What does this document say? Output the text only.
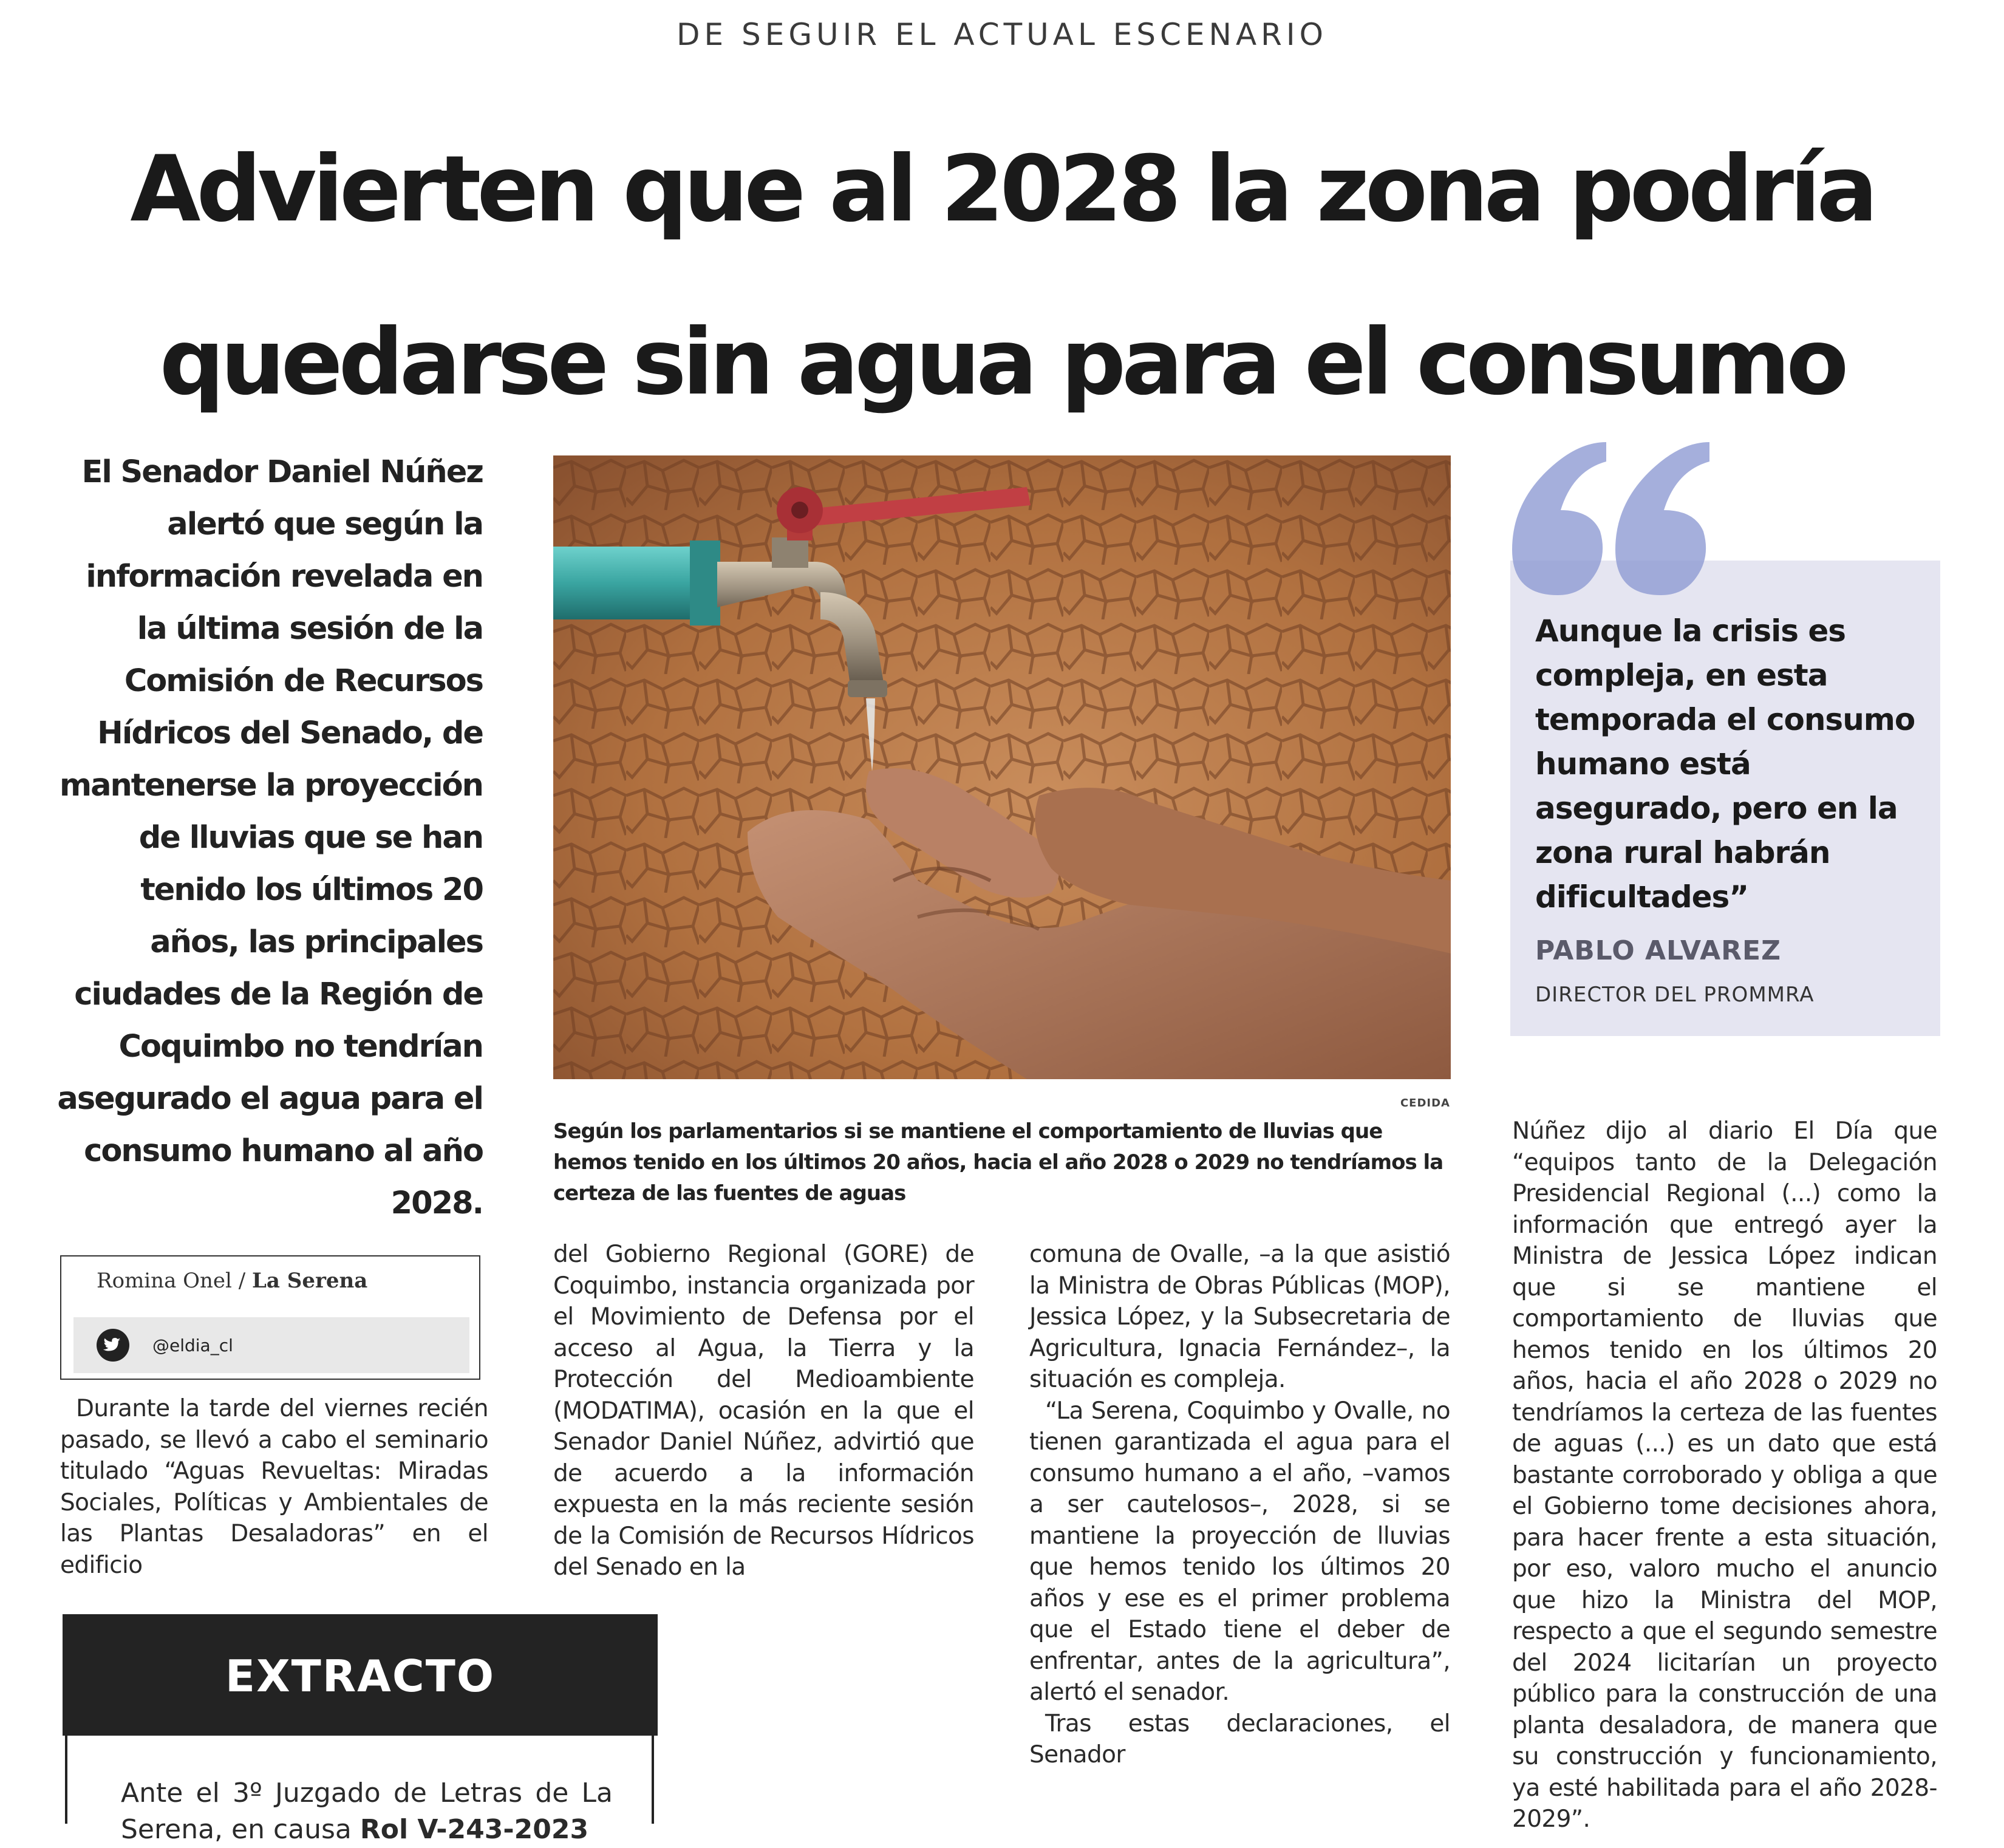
DE SEGUIR EL ACTUAL ESCENARIO
Advierten que al 2028 la zona podría
quedarse sin agua para el consumo
El Senador Daniel Núñez alertó que según la información revelada en la última sesión de la Comisión de Recursos Hídricos del Senado, de mantenerse la proyección de lluvias que se han tenido los últimos 20 años, las principales ciudades de la Región de Coquimbo no tendrían asegurado el agua para el consumo humano al año 2028.
CEDIDA
Según los parlamentarios si se mantiene el comportamiento de lluvias que hemos tenido en los últimos 20 años, hacia el año 2028 o 2029 no tendríamos la certeza de las fuentes de aguas
Aunque la crisis es compleja, en esta temporada el consumo humano está asegurado, pero en la zona rural habrán dificultades”
PABLO ALVAREZ
DIRECTOR DEL PROMMRA
Romina Onel / La Serena
@eldia_cl

Durante la tarde del viernes recién pasado, se llevó a cabo el seminario titulado “Aguas Revueltas: Miradas Sociales, Políticas y Ambientales de las Plantas Desaladoras” en el edificio

del Gobierno Regional (GORE) de Coquimbo, instancia organizada por el Movimiento de Defensa por el acceso al Agua, la Tierra y la Protección del Medioambiente (MODATIMA), ocasión en la que el Senador Daniel Núñez, advirtió que de acuerdo a la información expuesta en la más reciente sesión de la Comisión de Recursos Hídricos del Senado en la

comuna de Ovalle, –a la que asistió la Ministra de Obras Públicas (MOP), Jessica López, y la Subsecretaria de Agricultura, Ignacia Fernández–, la situación es compleja.

“La Serena, Coquimbo y Ovalle, no tienen garantizada el agua para el consumo humano a el año, –vamos a ser cautelosos–, 2028, si se mantiene la proyección de lluvias que hemos tenido los últimos 20 años y ese es el primer problema que el Estado tiene el deber de enfrentar, antes de la agricultura”, alertó el senador.

Tras estas declaraciones, el Senador

Núñez dijo al diario El Día que “equipos tanto de la Delegación Presidencial Regional (...) como la información que entregó ayer la Ministra de Jessica López indican que si se mantiene el comportamiento de lluvias que hemos tenido en los últimos 20 años, hacia el año 2028 o 2029 no tendríamos la certeza de las fuentes de aguas (...) es un dato que está bastante corroborado y obliga a que el Gobierno tome decisiones ahora, para hacer frente a esta situación, por eso, valoro mucho el anuncio que hizo la Ministra del MOP, respecto a que el segundo semestre del 2024 licitarían un proyecto público para la construcción de una planta desaladora, de manera que su construcción y funcionamiento, ya esté habilitada para el año 2028-2029”.

EXTRACTO
Ante el 3º Juzgado de Letras de La Serena, en causa Rol V-243-2023
